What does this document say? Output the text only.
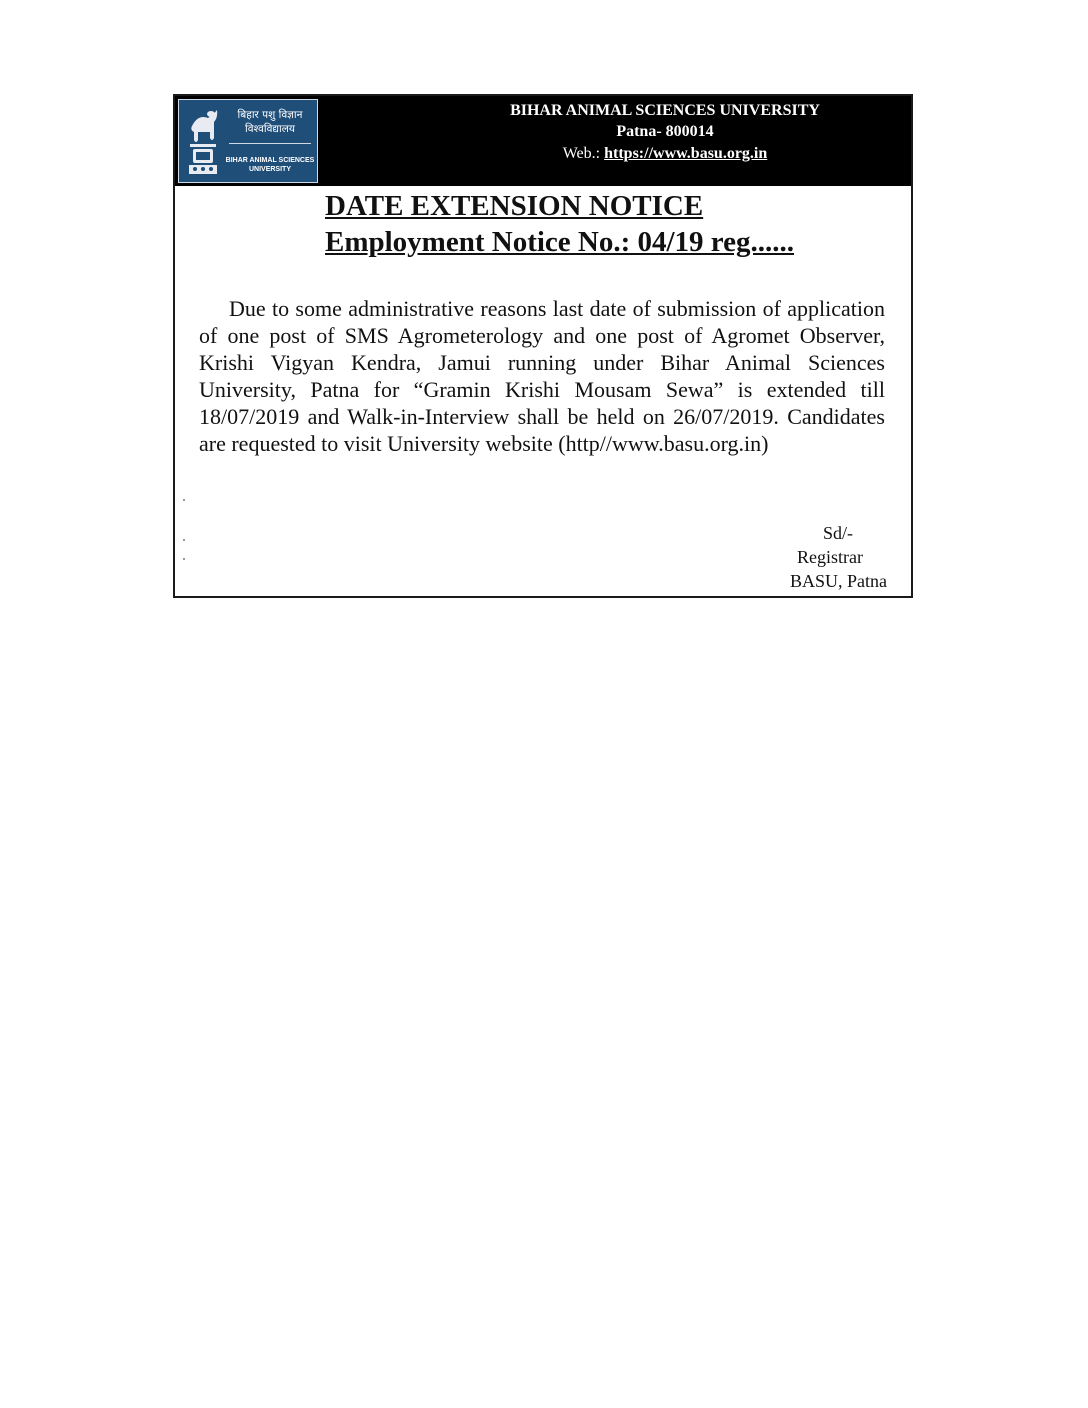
बिहार पशु विज्ञान
विश्वविद्यालय
BIHAR ANIMAL SCIENCES
UNIVERSITY
BIHAR ANIMAL SCIENCES UNIVERSITY
Patna- 800014
Web.: https://www.basu.org.in
DATE EXTENSION NOTICE
Employment Notice No.: 04/19 reg......

Due to some administrative reasons last date of submission of application of one post of SMS Agrometerology and one post of Agromet Observer, Krishi Vigyan Kendra, Jamui running under Bihar Animal Sciences University, Patna for “Gramin Krishi Mousam Sewa” is extended till 18/07/2019 and Walk-in-Interview shall be held on 26/07/2019. Candidates are requested to visit University website (http//www.basu.org.in)

Sd/-
Registrar
BASU, Patna
